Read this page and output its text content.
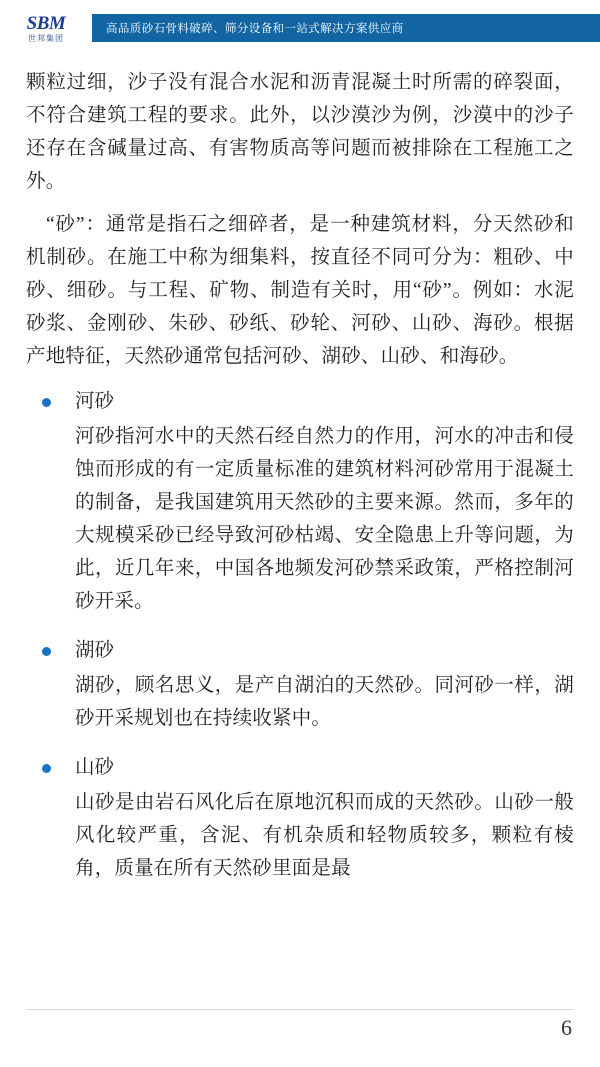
SBM
世邦集团
高品质砂石骨料破碎、筛分设备和一站式解决方案供应商

颗粒过细，沙子没有混合水泥和沥青混凝土时所需的碎裂面，不符合建筑工程的要求。此外，以沙漠沙为例，沙漠中的沙子还存在含碱量过高、有害物质高等问题而被排除在工程施工之外。

“砂”：通常是指石之细碎者，是一种建筑材料，分天然砂和机制砂。在施工中称为细集料，按直径不同可分为：粗砂、中砂、细砂。与工程、矿物、制造有关时，用“砂”。例如：水泥砂浆、金刚砂、朱砂、砂纸、砂轮、河砂、山砂、海砂。根据产地特征，天然砂通常包括河砂、湖砂、山砂、和海砂。

河砂
河砂指河水中的天然石经自然力的作用，河水的冲击和侵蚀而形成的有一定质量标准的建筑材料河砂常用于混凝土的制备，是我国建筑用天然砂的主要来源。然而，多年的大规模采砂已经导致河砂枯竭、安全隐患上升等问题，为此，近几年来，中国各地频发河砂禁采政策，严格控制河砂开采。
湖砂
湖砂，顾名思义，是产自湖泊的天然砂。同河砂一样，湖砂开采规划也在持续收紧中。
山砂
山砂是由岩石风化后在原地沉积而成的天然砂。山砂一般风化较严重，含泥、有机杂质和轻物质较多，颗粒有棱角，质量在所有天然砂里面是最
6
